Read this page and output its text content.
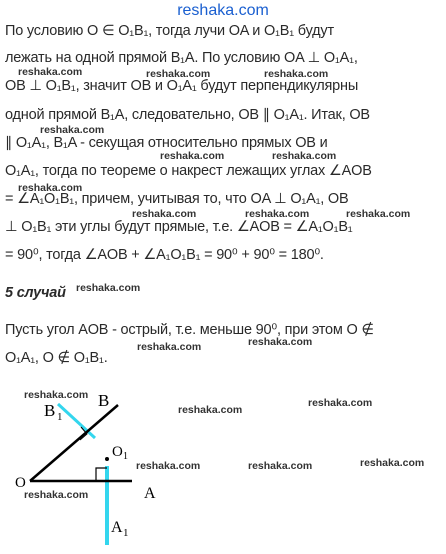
reshaka.com
По условию O ∈ O₁B₁, тогда лучи OA и O₁B₁ будут
лежать на одной прямой B₁A. По условию OA ⊥ O₁A₁,
OB ⊥ O₁B₁, значит OB и O₁A₁ будут перпендикулярны
одной прямой B₁A, следовательно, OB ∥ O₁A₁. Итак, OB
∥ O₁A₁, B₁A - секущая относительно прямых OB и
O₁A₁, тогда по теореме о накрест лежащих углах ∠AOB
= ∠A₁O₁B₁, причем, учитывая то, что OA ⊥ O₁A₁, OB
⊥ O₁B₁ эти углы будут прямые, т.е. ∠AOB = ∠A₁O₁B₁
= 90⁰, тогда ∠AOB + ∠A₁O₁B₁ = 90⁰ + 90⁰ = 180⁰.
5 случай
Пусть угол AOB - острый, т.е. меньше 90⁰, при этом O ∉
O₁A₁, O ∉ O₁B₁.
reshaka.com	reshaka.com	reshaka.com
reshaka.com
reshaka.com	reshaka.com
reshaka.com
reshaka.com	reshaka.com	reshaka.com
reshaka.com
reshaka.com	reshaka.com
B
B 1
O
O 1
A
A 1
reshaka.com
reshaka.com
reshaka.com
reshaka.com	reshaka.com	reshaka.com
reshaka.com
